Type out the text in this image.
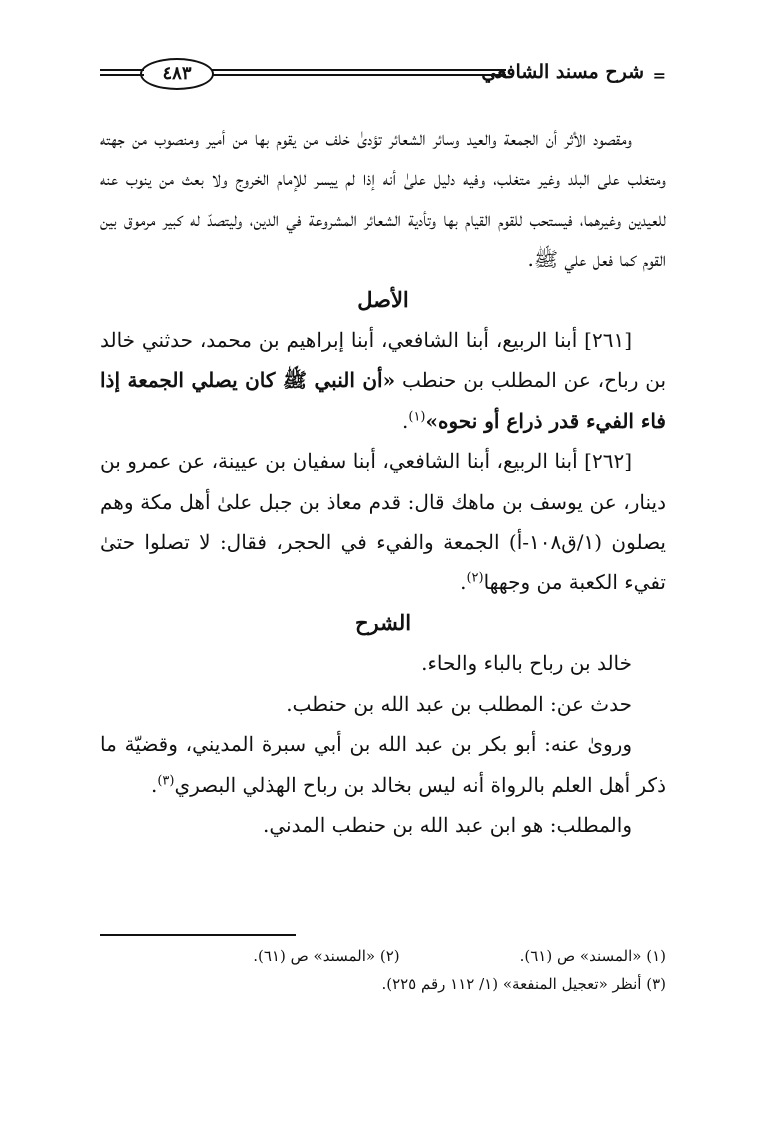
=
شرح مسند الشافعي
٤٨٣

ومقصود الأثر أن الجمعة والعيد وسائر الشعائر تؤدىٰ خلف من يقوم بها من أمير ومنصوب من جهته ومتغلب على البلد وغير متغلب، وفيه دليل علىٰ أنه إذا لم ييسر للإمام الخروج ولا بعث من ينوب عنه للعيدين وغيرهما، فيستحب للقوم القيام بها وتأدية الشعائر المشروعة في الدين، وليتصدّ له كبير مرموق بين القوم كما فعل علي ﷺ.

الأصل

[٢٦١] أبنا الربيع، أبنا الشافعي، أبنا إبراهيم بن محمد، حدثني خالد بن رباح، عن المطلب بن حنطب «أن النبي ﷺ كان يصلي الجمعة إذا فاء الفيء قدر ذراع أو نحوه»$^{(١)}$.

[٢٦٢] أبنا الربيع، أبنا الشافعي، أبنا سفيان بن عيينة، عن عمرو بن دينار، عن يوسف بن ماهك قال: قدم معاذ بن جبل علىٰ أهل مكة وهم يصلون (١/ق١٠٨-أ) الجمعة والفيء في الحجر، فقال: لا تصلوا حتىٰ تفيء الكعبة من وجهها$^{(٢)}$.

الشرح

خالد بن رباح بالباء والحاء.

حدث عن: المطلب بن عبد الله بن حنطب.

وروىٰ عنه: أبو بكر بن عبد الله بن أبي سبرة المديني، وقضيّة ما ذكر أهل العلم بالرواة أنه ليس بخالد بن رباح الهذلي البصري$^{(٣)}$.

والمطلب: هو ابن عبد الله بن حنطب المدني.

(١) «المسند» ص (٦١).
(٢) «المسند» ص (٦١).
(٣) أنظر «تعجيل المنفعة» (١/ ١١٢ رقم ٢٢٥).
